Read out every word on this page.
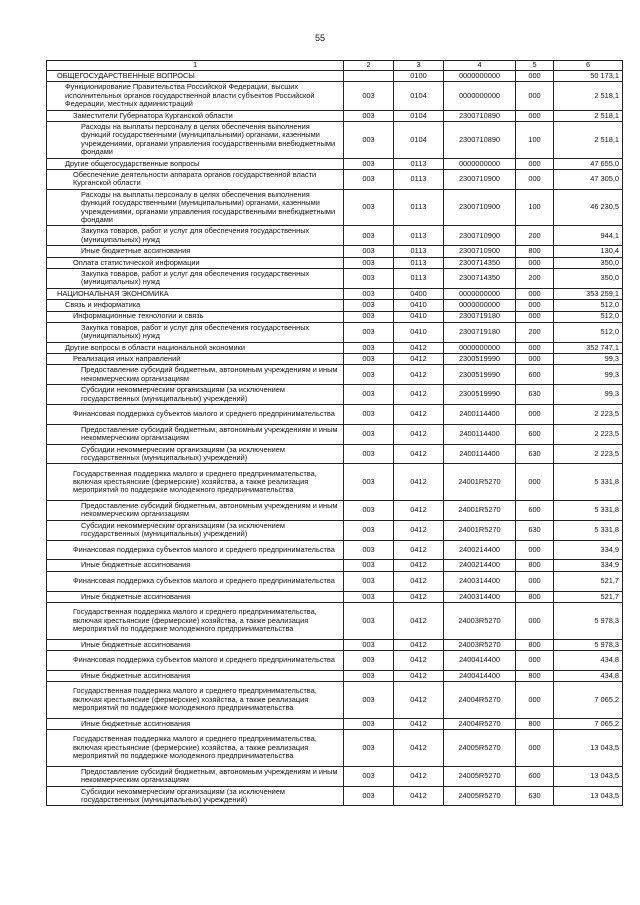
55
1	2	3	4	5	6
ОБЩЕГОСУДАРСТВЕННЫЕ ВОПРОСЫ		0100	0000000000	000	50 173,1
Функционирование Правительства Российской Федерации, высших исполнительных органов государственной власти субъектов Российской Федерации, местных администраций	003	0104	0000000000	000	2 518,1
Заместители Губернатора Курганской области	003	0104	2300710890	000	2 518,1
Расходы на выплаты персоналу в целях обеспечения выполнения функций государственными (муниципальными) органами, казенными учреждениями, органами управления государственными внебюджетными фондами	003	0104	2300710890	100	2 518,1
Другие общегосударственные вопросы	003	0113	0000000000	000	47 655,0
Обеспечение деятельности аппарата органов государственной власти Курганской области	003	0113	2300710900	000	47 305,0
Расходы на выплаты персоналу в целях обеспечения выполнения функций государственными (муниципальными) органами, казенными учреждениями, органами управления государственными внебюджетными фондами	003	0113	2300710900	100	46 230,5
Закупка товаров, работ и услуг для обеспечения государственных (муниципальных) нужд	003	0113	2300710900	200	944,1
Иные бюджетные ассигнования	003	0113	2300710900	800	130,4
Оплата статистической информации	003	0113	2300714350	000	350,0
Закупка товаров, работ и услуг для обеспечения государственных (муниципальных) нужд	003	0113	2300714350	200	350,0
НАЦИОНАЛЬНАЯ ЭКОНОМИКА	003	0400	0000000000	000	353 259,1
Связь и информатика	003	0410	0000000000	000	512,0
Информационные технологии и связь	003	0410	2300719180	000	512,0
Закупка товаров, работ и услуг для обеспечения государственных (муниципальных) нужд	003	0410	2300719180	200	512,0
Другие вопросы в области национальной экономики	003	0412	0000000000	000	352 747,1
Реализация иных направлений	003	0412	2300519990	000	99,3
Предоставление субсидий бюджетным, автономным учреждениям и иным некоммерческим организациям	003	0412	2300519990	600	99,3
Субсидии некоммерческим организациям (за исключением государственных (муниципальных) учреждений)	003	0412	2300519990	630	99,3
Финансовая поддержка субъектов малого и среднего предпринимательства	003	0412	2400114400	000	2 223,5
Предоставление субсидий бюджетным, автономным учреждениям и иным некоммерческим организациям	003	0412	2400114400	600	2 223,5
Субсидии некоммерческим организациям (за исключением государственных (муниципальных) учреждений)	003	0412	2400114400	630	2 223,5
Государственная поддержка малого и среднего предпринимательства, включая крестьянские (фермерские) хозяйства, а также реализация мероприятий по поддержке молодежного предпринимательства	003	0412	24001R5270	000	5 331,8
Предоставление субсидий бюджетным, автономным учреждениям и иным некоммерческим организациям	003	0412	24001R5270	600	5 331,8
Субсидии некоммерческим организациям (за исключением государственных (муниципальных) учреждений)	003	0412	24001R5270	630	5 331,8
Финансовая поддержка субъектов малого и среднего предпринимательства	003	0412	2400214400	000	334,9
Иные бюджетные ассигнования	003	0412	2400214400	800	334,9
Финансовая поддержка субъектов малого и среднего предпринимательства	003	0412	2400314400	000	521,7
Иные бюджетные ассигнования	003	0412	2400314400	800	521,7
Государственная поддержка малого и среднего предпринимательства, включая крестьянские (фермерские) хозяйства, а также реализация мероприятий по поддержке молодежного предпринимательства	003	0412	24003R5270	000	5 978,3
Иные бюджетные ассигнования	003	0412	24003R5270	800	5 978,3
Финансовая поддержка субъектов малого и среднего предпринимательства	003	0412	2400414400	000	434,8
Иные бюджетные ассигнования	003	0412	2400414400	800	434,8
Государственная поддержка малого и среднего предпринимательства, включая крестьянские (фермерские) хозяйства, а также реализация мероприятий по поддержке молодежного предпринимательства	003	0412	24004R5270	000	7 065,2
Иные бюджетные ассигнования	003	0412	24004R5270	800	7 065,2
Государственная поддержка малого и среднего предпринимательства, включая крестьянские (фермерские) хозяйства, а также реализация мероприятий по поддержке молодежного предпринимательства	003	0412	24005R5270	000	13 043,5
Предоставление субсидий бюджетным, автономным учреждениям и иным некоммерческим организациям	003	0412	24005R5270	600	13 043,5
Субсидии некоммерческим организациям (за исключением государственных (муниципальных) учреждений)	003	0412	24005R5270	630	13 043,5
